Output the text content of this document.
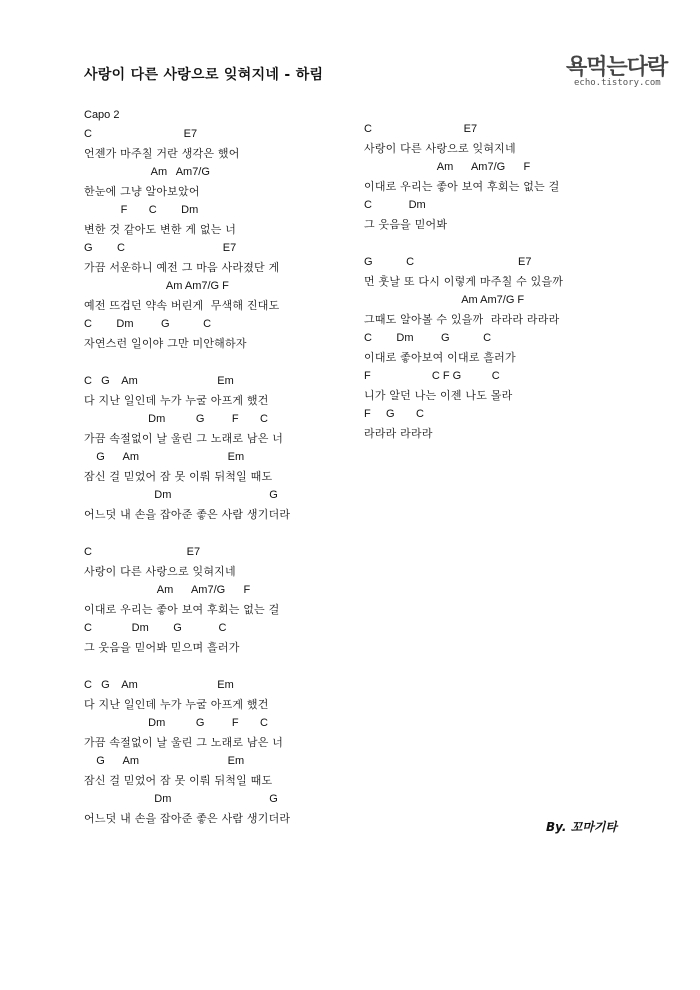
사랑이 다른 사랑으로 잊혀지네 - 하림	욕먹는다락
echo.tistory.com
Capo 2
C                              E7
언젠가 마주칠 거란 생각은 했어
Am   Am7/G
한눈에 그냥 알아보았어
F       C        Dm
변한 것 같아도 변한 게 없는 너
G        C                                E7
가끔 서운하니 예전 그 마음 사라졌단 게
Am Am7/G F
예전 뜨겁던 약속 버린게  무색해 진대도
C        Dm         G           C
자연스런 일이야 그만 미안해하자
C   G    Am                          Em
다 지난 일인데 누가 누굴 아프게 했건
Dm          G         F       C
가끔 속절없이 날 울린 그 노래로 남은 너
G      Am                             Em
잠신 걸 믿었어 잠 못 이뤄 뒤척일 때도
Dm                                G
어느덧 내 손을 잡아준 좋은 사람 생기더라
C                               E7
사랑이 다른 사랑으로 잊혀지네
Am      Am7/G      F
이대로 우리는 좋아 보여 후회는 없는 걸
C             Dm        G            C
그 웃음을 믿어봐 믿으며 흘러가
C   G    Am                          Em
다 지난 일인데 누가 누굴 아프게 했건
Dm          G         F       C
가끔 속절없이 날 울린 그 노래로 남은 너
G      Am                             Em
잠신 걸 믿었어 잠 못 이뤄 뒤척일 때도
Dm                                G
어느덧 내 손을 잡아준 좋은 사람 생기더라
C                              E7
사랑이 다른 사랑으로 잊혀지네
Am      Am7/G      F
이대로 우리는 좋아 보여 후회는 없는 걸
C            Dm
그 웃음을 믿어봐
G           C                                  E7
먼 훗날 또 다시 이렇게 마주칠 수 있을까
Am Am7/G F
그때도 알아볼 수 있을까  라라라 라라라
C        Dm         G           C
이대로 좋아보여 이대로 흘러가
F                    C F G          C
니가 알던 나는 이젠 나도 몰라
F     G       C
라라라 라라라
By. 꼬마기타
